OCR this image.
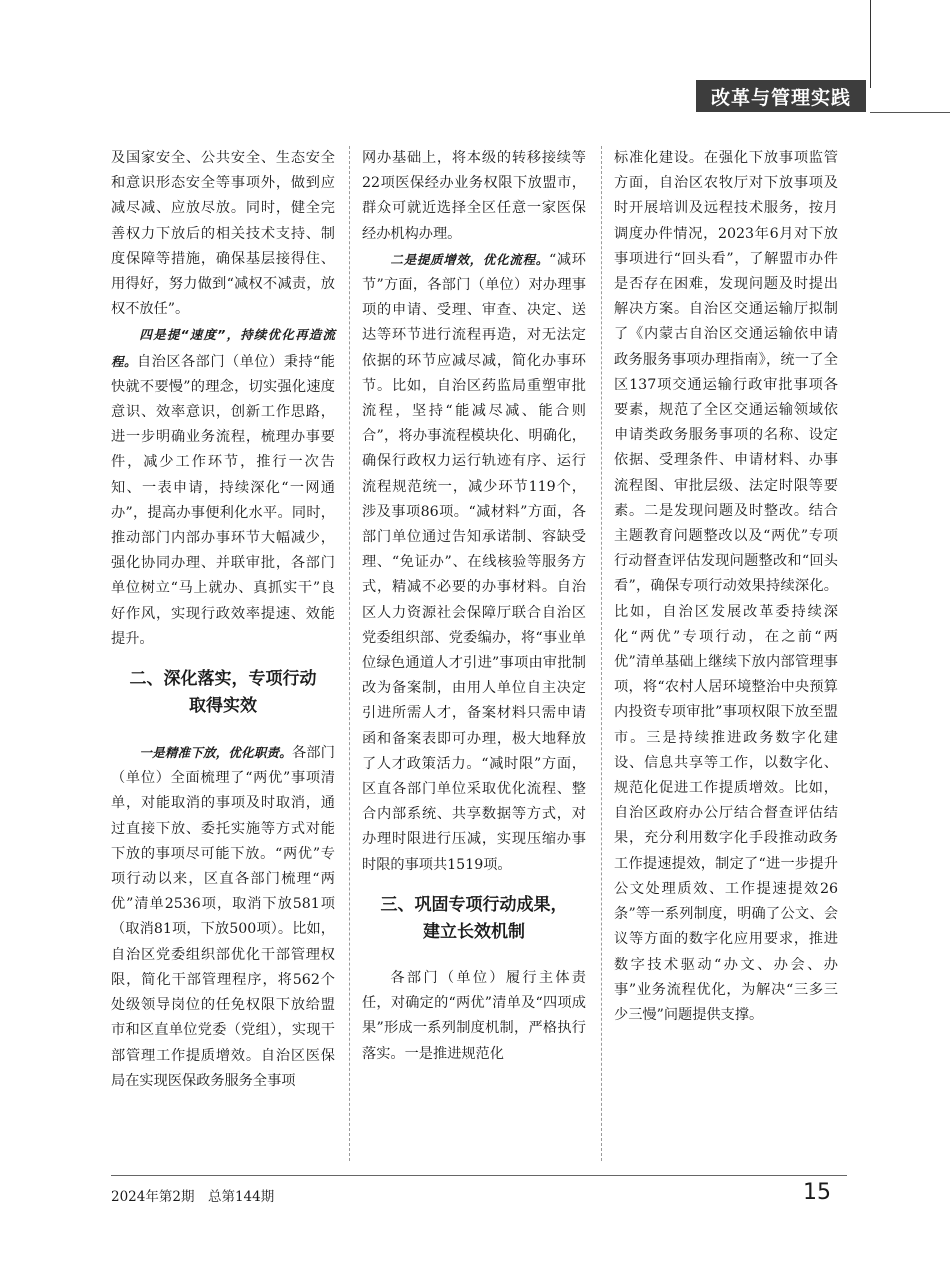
改革与管理实践

及国家安全、公共安全、生态安全和意识形态安全等事项外，做到应减尽减、应放尽放。同时，健全完善权力下放后的相关技术支持、制度保障等措施，确保基层接得住、用得好，努力做到“减权不减责，放权不放任”。

四是提“速度”，持续优化再造流程。自治区各部门（单位）秉持“能快就不要慢”的理念，切实强化速度意识、效率意识，创新工作思路，进一步明确业务流程，梳理办事要件，减少工作环节，推行一次告知、一表申请，持续深化“一网通办”，提高办事便利化水平。同时，推动部门内部办事环节大幅减少，强化协同办理、并联审批，各部门单位树立“马上就办、真抓实干”良好作风，实现行政效率提速、效能提升。

二、深化落实，专项行动
取得实效

一是精准下放，优化职责。各部门（单位）全面梳理了“两优”事项清单，对能取消的事项及时取消，通过直接下放、委托实施等方式对能下放的事项尽可能下放。“两优”专项行动以来，区直各部门梳理“两优”清单2536项，取消下放581项（取消81项，下放500项）。比如，自治区党委组织部优化干部管理权限，简化干部管理程序，将562个处级领导岗位的任免权限下放给盟市和区直单位党委（党组），实现干部管理工作提质增效。自治区医保局在实现医保政务服务全事项

网办基础上，将本级的转移接续等22项医保经办业务权限下放盟市，群众可就近选择全区任意一家医保经办机构办理。

二是提质增效，优化流程。“减环节”方面，各部门（单位）对办理事项的申请、受理、审查、决定、送达等环节进行流程再造，对无法定依据的环节应减尽减，简化办事环节。比如，自治区药监局重塑审批流程，坚持“能减尽减、能合则合”，将办事流程模块化、明确化，确保行政权力运行轨迹有序、运行流程规范统一，减少环节119个，涉及事项86项。“减材料”方面，各部门单位通过告知承诺制、容缺受理、“免证办”、在线核验等服务方式，精减不必要的办事材料。自治区人力资源社会保障厅联合自治区党委组织部、党委编办，将“事业单位绿色通道人才引进”事项由审批制改为备案制，由用人单位自主决定引进所需人才，备案材料只需申请函和备案表即可办理，极大地释放了人才政策活力。“减时限”方面，区直各部门单位采取优化流程、整合内部系统、共享数据等方式，对办理时限进行压减，实现压缩办事时限的事项共1519项。

三、巩固专项行动成果，
建立长效机制

各部门（单位）履行主体责任，对确定的“两优”清单及“四项成果”形成一系列制度机制，严格执行落实。一是推进规范化

标准化建设。在强化下放事项监管方面，自治区农牧厅对下放事项及时开展培训及远程技术服务，按月调度办件情况，2023年6月对下放事项进行“回头看”，了解盟市办件是否存在困难，发现问题及时提出解决方案。自治区交通运输厅拟制了《内蒙古自治区交通运输依申请政务服务事项办理指南》，统一了全区137项交通运输行政审批事项各要素，规范了全区交通运输领域依申请类政务服务事项的名称、设定依据、受理条件、申请材料、办事流程图、审批层级、法定时限等要素。二是发现问题及时整改。结合主题教育问题整改以及“两优”专项行动督查评估发现问题整改和“回头看”，确保专项行动效果持续深化。比如，自治区发展改革委持续深化“两优”专项行动，在之前“两优”清单基础上继续下放内部管理事项，将“农村人居环境整治中央预算内投资专项审批”事项权限下放至盟市。三是持续推进政务数字化建设、信息共享等工作，以数字化、规范化促进工作提质增效。比如，自治区政府办公厅结合督查评估结果，充分利用数字化手段推动政务工作提速提效，制定了“进一步提升公文处理质效、工作提速提效26条”等一系列制度，明确了公文、会议等方面的数字化应用要求，推进数字技术驱动“办文、办会、办事”业务流程优化，为解决“三多三少三慢”问题提供支撑。

2024年第2期　总第144期	15
